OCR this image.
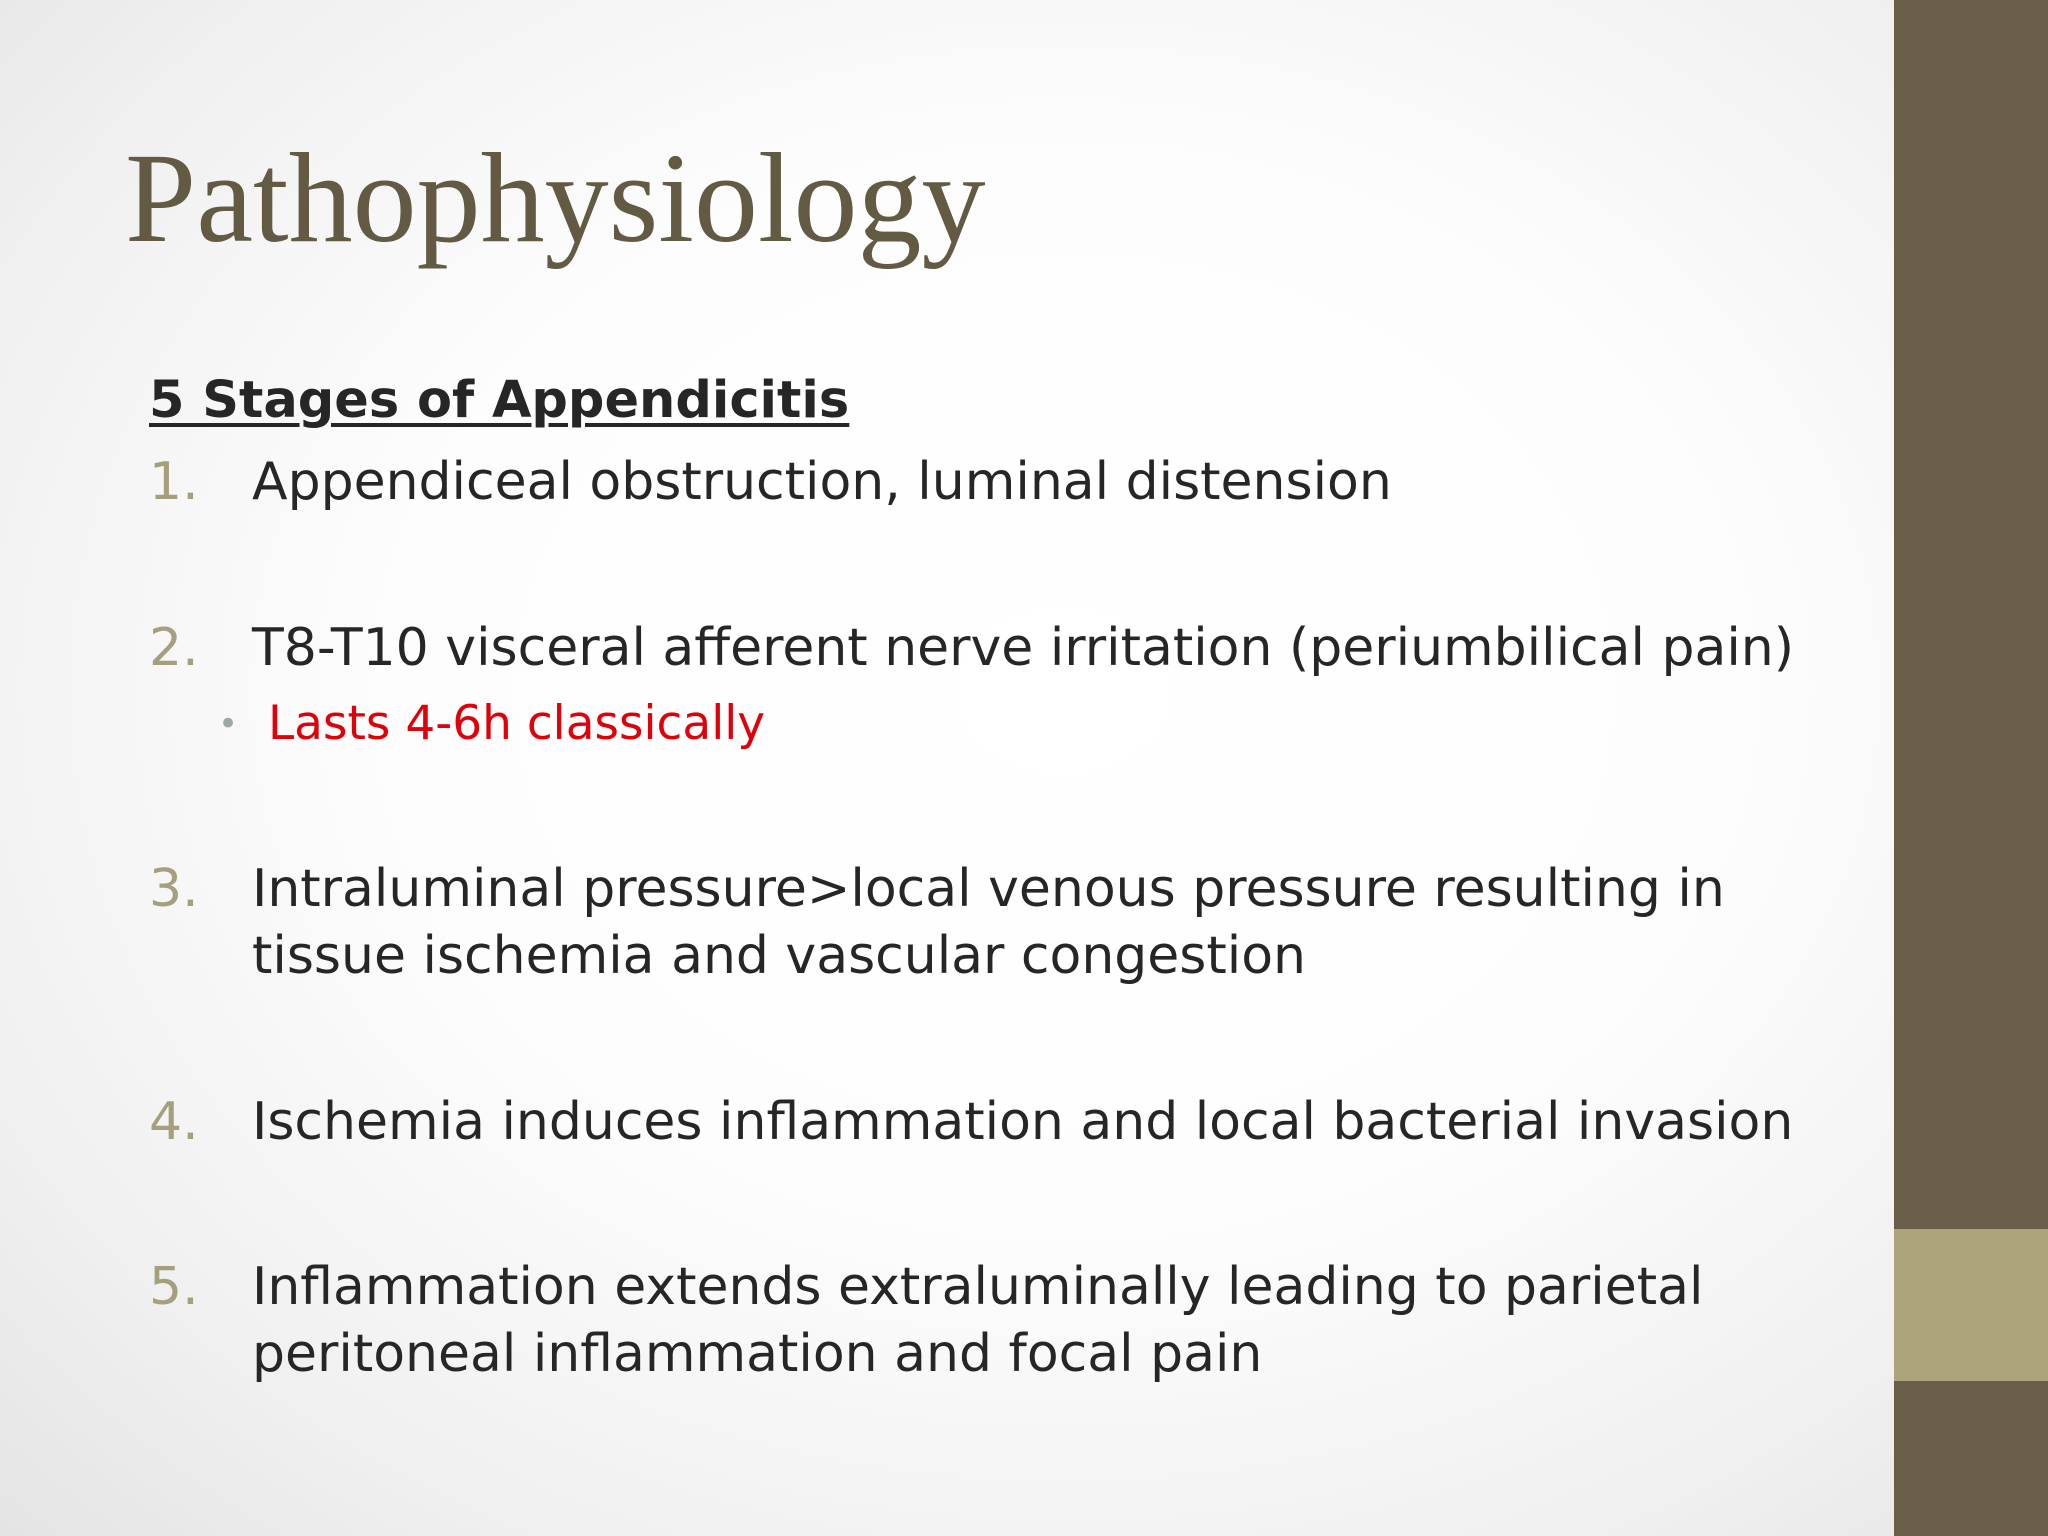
Pathophysiology
5 Stages of Appendicitis
1. Appendiceal obstruction, luminal distension
2. T8-T10 visceral afferent nerve irritation (periumbilical pain)
• Lasts 4-6h classically
3. Intraluminal pressure>local venous pressure resulting in tissue ischemia and vascular congestion
4. Ischemia induces inflammation and local bacterial invasion
5. Inflammation extends extraluminally leading to parietal peritoneal inflammation and focal pain
